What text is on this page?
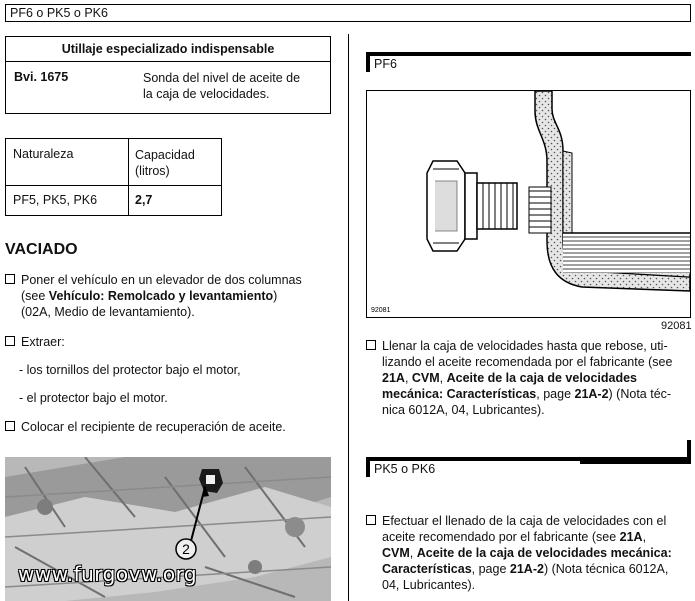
PF6 o PK5 o PK6
Utillaje especializado indispensable
Bvi. 1675	Sonda del nivel de aceite de
la caja de velocidades.
Naturaleza	Capacidad
(litros)
PF5, PK5, PK6	2,7
VACIADO
Poner el vehículo en un elevador de dos columnas
(see Vehículo: Remolcado y levantamiento)
(02A, Medio de levantamiento).
Extraer:
- los tornillos del protector bajo el motor,
- el protector bajo el motor.
Colocar el recipiente de recuperación de aceite.
2
www.furgovw.org
PF6
92081
92081
Llenar la caja de velocidades hasta que rebose, uti-
lizando el aceite recomendada por el fabricante (see
21A, CVM, Aceite de la caja de velocidades
mecánica: Características, page 21A-2) (Nota téc-
nica 6012A, 04, Lubricantes).
PK5 o PK6
Efectuar el llenado de la caja de velocidades con el
aceite recomendado por el fabricante (see 21A,
CVM, Aceite de la caja de velocidades mecánica:
Características, page 21A-2) (Nota técnica 6012A,
04, Lubricantes).
